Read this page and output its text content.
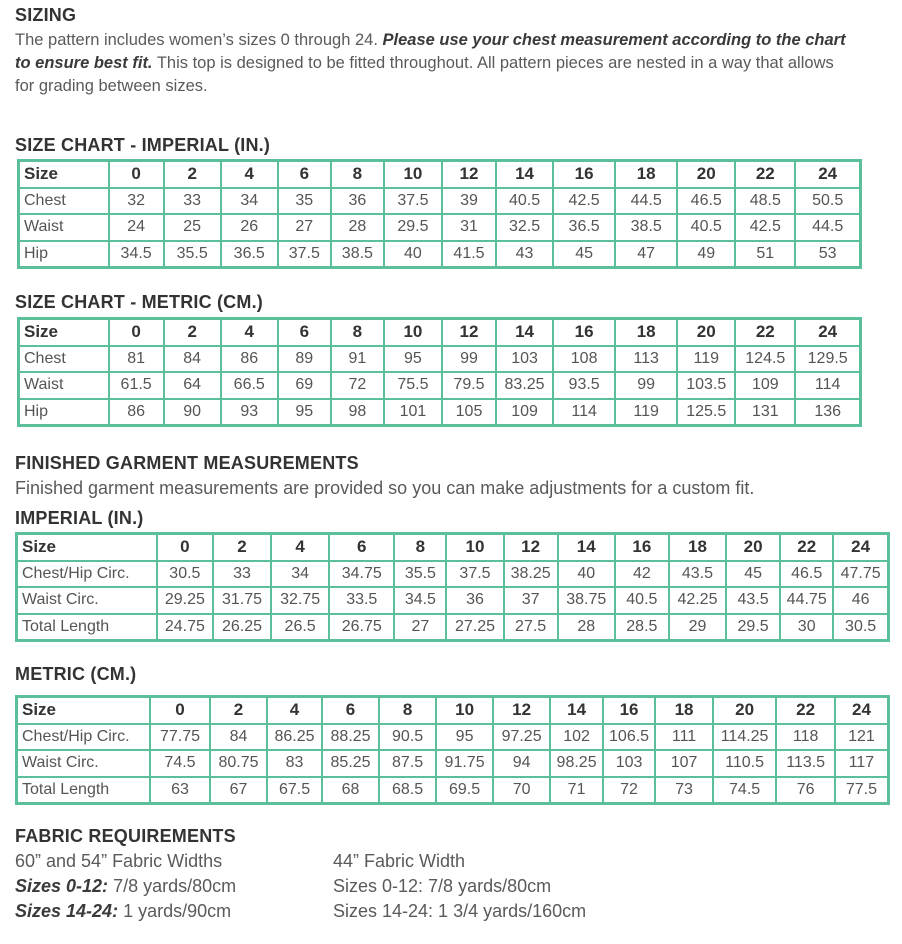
SIZING
The pattern includes women’s sizes 0 through 24. Please use your chest measurement according to the chart to ensure best fit. This top is designed to be fitted throughout. All pattern pieces are nested in a way that allows for grading between sizes.
SIZE CHART - IMPERIAL (IN.)
Size	0	2	4	6	8	10	12	14	16	18	20	22	24
Chest	32	33	34	35	36	37.5	39	40.5	42.5	44.5	46.5	48.5	50.5
Waist	24	25	26	27	28	29.5	31	32.5	36.5	38.5	40.5	42.5	44.5
Hip	34.5	35.5	36.5	37.5	38.5	40	41.5	43	45	47	49	51	53
SIZE CHART - METRIC (CM.)
Size	0	2	4	6	8	10	12	14	16	18	20	22	24
Chest	81	84	86	89	91	95	99	103	108	113	119	124.5	129.5
Waist	61.5	64	66.5	69	72	75.5	79.5	83.25	93.5	99	103.5	109	114
Hip	86	90	93	95	98	101	105	109	114	119	125.5	131	136
FINISHED GARMENT MEASUREMENTS
Finished garment measurements are provided so you can make adjustments for a custom fit.
IMPERIAL (IN.)
Size	0	2	4	6	8	10	12	14	16	18	20	22	24
Chest/Hip Circ.	30.5	33	34	34.75	35.5	37.5	38.25	40	42	43.5	45	46.5	47.75
Waist Circ.	29.25	31.75	32.75	33.5	34.5	36	37	38.75	40.5	42.25	43.5	44.75	46
Total Length	24.75	26.25	26.5	26.75	27	27.25	27.5	28	28.5	29	29.5	30	30.5
METRIC (CM.)
Size	0	2	4	6	8	10	12	14	16	18	20	22	24
Chest/Hip Circ.	77.75	84	86.25	88.25	90.5	95	97.25	102	106.5	111	114.25	118	121
Waist Circ.	74.5	80.75	83	85.25	87.5	91.75	94	98.25	103	107	110.5	113.5	117
Total Length	63	67	67.5	68	68.5	69.5	70	71	72	73	74.5	76	77.5
FABRIC REQUIREMENTS
60” and 54” Fabric Widths
Sizes 0-12: 7/8 yards/80cm
Sizes 14-24: 1 yards/90cm
44” Fabric Width
Sizes 0-12: 7/8 yards/80cm
Sizes 14-24: 1 3/4 yards/160cm
